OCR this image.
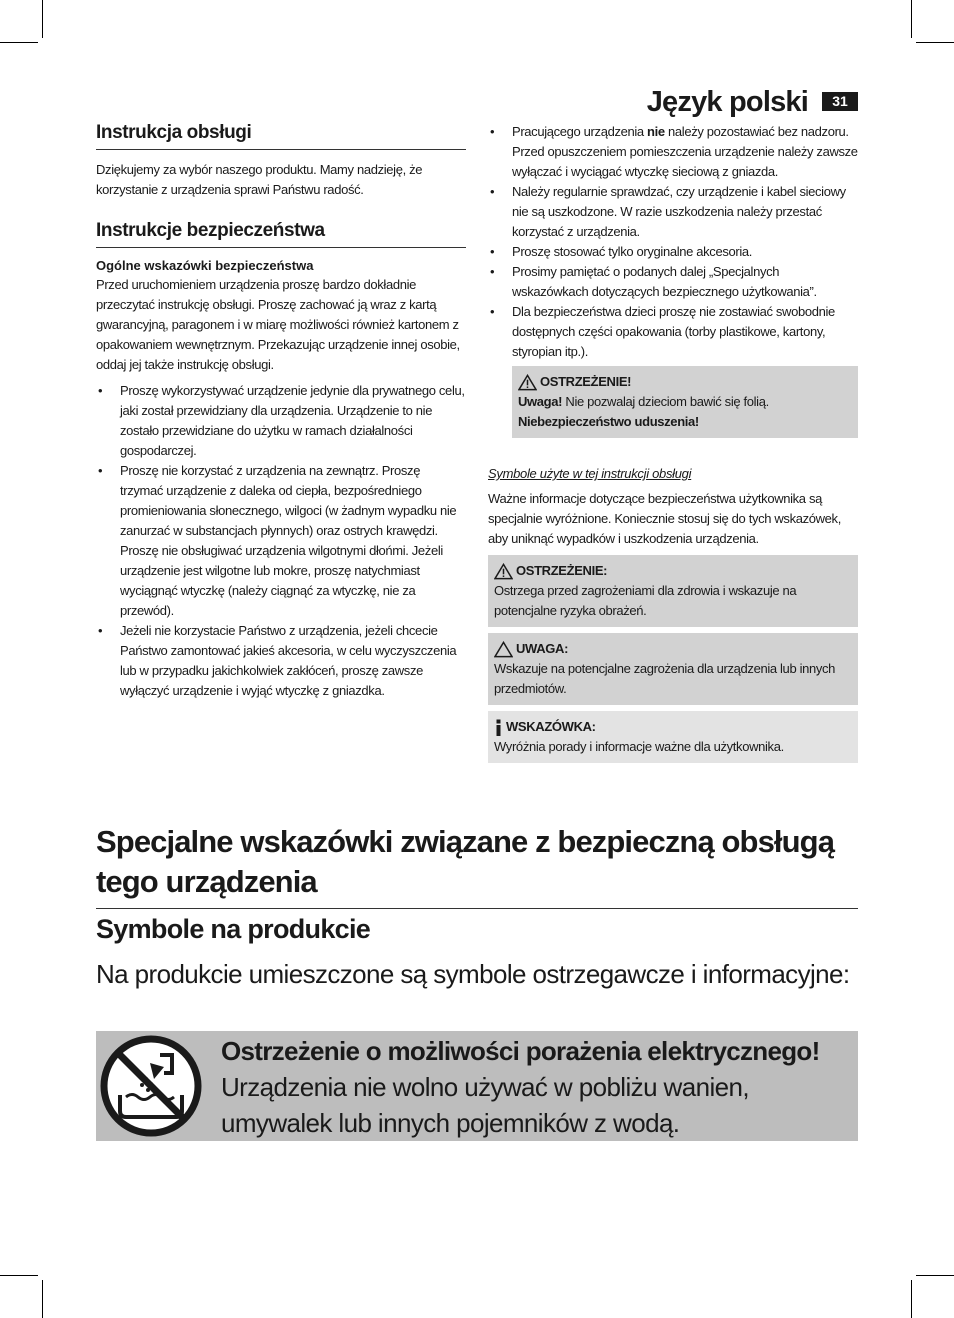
Język polski	31
Instrukcja obsługi

Dziękujemy za wybór naszego produktu. Mamy nadzieję, że korzystanie z urządzenia sprawi Państwu radość.

Instrukcje bezpieczeństwa
Ogólne wskazówki bezpieczeństwa

Przed uruchomieniem urządzenia proszę bardzo dokładnie przeczytać instrukcję obsługi. Proszę zachować ją wraz z kartą gwarancyjną, paragonem i w miarę możliwości również kartonem z opakowaniem wewnętrznym. Przekazując urządzenie innej osobie, oddaj jej także instrukcję obsługi.

• Proszę wykorzystywać urządzenie jedynie dla prywatnego celu, jaki został przewidziany dla urządzenia. Urządzenie to nie zostało przewidziane do użytku w ramach działalności gospodarczej.
• Proszę nie korzystać z urządzenia na zewnątrz. Proszę trzymać urządzenie z daleka od ciepła, bezpośredniego promieniowania słonecznego, wilgoci (w żadnym wypadku nie zanurzać w substancjach płynnych) oraz ostrych krawędzi. Proszę nie obsługiwać urządzenia wilgotnymi dłońmi. Jeżeli urządzenie jest wilgotne lub mokre, proszę natychmiast wyciągnąć wtyczkę (należy ciągnąć za wtyczkę, nie za przewód).
• Jeżeli nie korzystacie Państwo z urządzenia, jeżeli chcecie Państwo zamontować jakieś akcesoria, w celu wyczyszczenia lub w przypadku jakichkolwiek zakłóceń, proszę zawsze wyłączyć urządzenie i wyjąć wtyczkę z gniazdka.
• Pracującego urządzenia nie należy pozostawiać bez nadzoru. Przed opuszczeniem pomieszczenia urządzenie należy zawsze wyłączać i wyciągać wtyczkę sieciową z gniazda.
• Należy regularnie sprawdzać, czy urządzenie i kabel sieciowy nie są uszkodzone. W razie uszkodzenia należy przestać korzystać z urządzenia.
• Proszę stosować tylko oryginalne akcesoria.
• Prosimy pamiętać o podanych dalej „Specjalnych wskazówkach dotyczących bezpiecznego użytkowania”.
• Dla bezpieczeństwa dzieci proszę nie zostawiać swobodnie dostępnych części opakowania (torby plastikowe, kartony, styropian itp.).
OSTRZEŻENIE!
Uwaga! Nie pozwalaj dzieciom bawić się folią. Niebezpieczeństwo uduszenia!
Symbole użyte w tej instrukcji obsługi

Ważne informacje dotyczące bezpieczeństwa użytkownika są specjalnie wyróżnione. Koniecznie stosuj się do tych wskazówek, aby uniknąć wypadków i uszkodzenia urządzenia.

OSTRZEŻENIE:
Ostrzega przed zagrożeniami dla zdrowia i wskazuje na potencjalne ryzyka obrażeń.
UWAGA:
Wskazuje na potencjalne zagrożenia dla urządzenia lub innych przedmiotów.
WSKAZÓWKA:
Wyróżnia porady i informacje ważne dla użytkownika.
Specjalne wskazówki związane z bezpieczną obsługą tego urządzenia
Symbole na produkcie

Na produkcie umieszczone są symbole ostrzegawcze i informacyjne:

Ostrzeżenie o możliwości porażenia elektrycznego!
Urządzenia nie wolno używać w pobliżu wanien, umywalek lub innych pojemników z wodą.
